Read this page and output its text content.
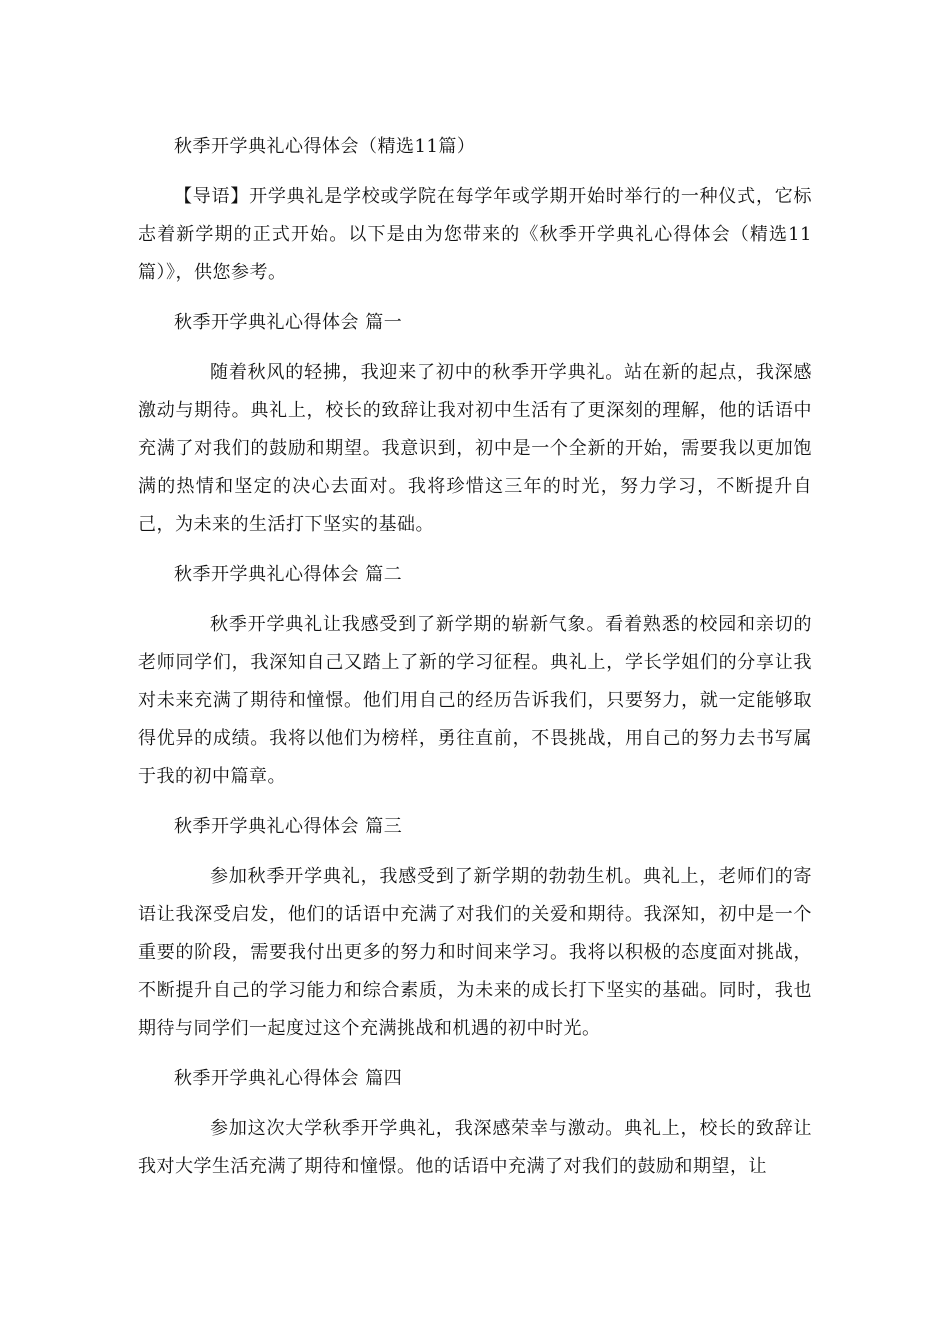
秋季开学典礼心得体会（精选11篇）
【导语】开学典礼是学校或学院在每学年或学期开始时举行的一种仪式，它标志着新学期的正式开始。以下是由为您带来的《秋季开学典礼心得体会（精选11篇）》，供您参考。
秋季开学典礼心得体会 篇一
随着秋风的轻拂，我迎来了初中的秋季开学典礼。站在新的起点，我深感激动与期待。典礼上，校长的致辞让我对初中生活有了更深刻的理解，他的话语中充满了对我们的鼓励和期望。我意识到，初中是一个全新的开始，需要我以更加饱满的热情和坚定的决心去面对。我将珍惜这三年的时光，努力学习，不断提升自己，为未来的生活打下坚实的基础。
秋季开学典礼心得体会 篇二
秋季开学典礼让我感受到了新学期的崭新气象。看着熟悉的校园和亲切的老师同学们，我深知自己又踏上了新的学习征程。典礼上，学长学姐们的分享让我对未来充满了期待和憧憬。他们用自己的经历告诉我们，只要努力，就一定能够取得优异的成绩。我将以他们为榜样，勇往直前，不畏挑战，用自己的努力去书写属于我的初中篇章。
秋季开学典礼心得体会 篇三
参加秋季开学典礼，我感受到了新学期的勃勃生机。典礼上，老师们的寄语让我深受启发，他们的话语中充满了对我们的关爱和期待。我深知，初中是一个重要的阶段，需要我付出更多的努力和时间来学习。我将以积极的态度面对挑战，不断提升自己的学习能力和综合素质，为未来的成长打下坚实的基础。同时，我也期待与同学们一起度过这个充满挑战和机遇的初中时光。
秋季开学典礼心得体会 篇四
参加这次大学秋季开学典礼，我深感荣幸与激动。典礼上，校长的致辞让我对大学生活充满了期待和憧憬。他的话语中充满了对我们的鼓励和期望，让
